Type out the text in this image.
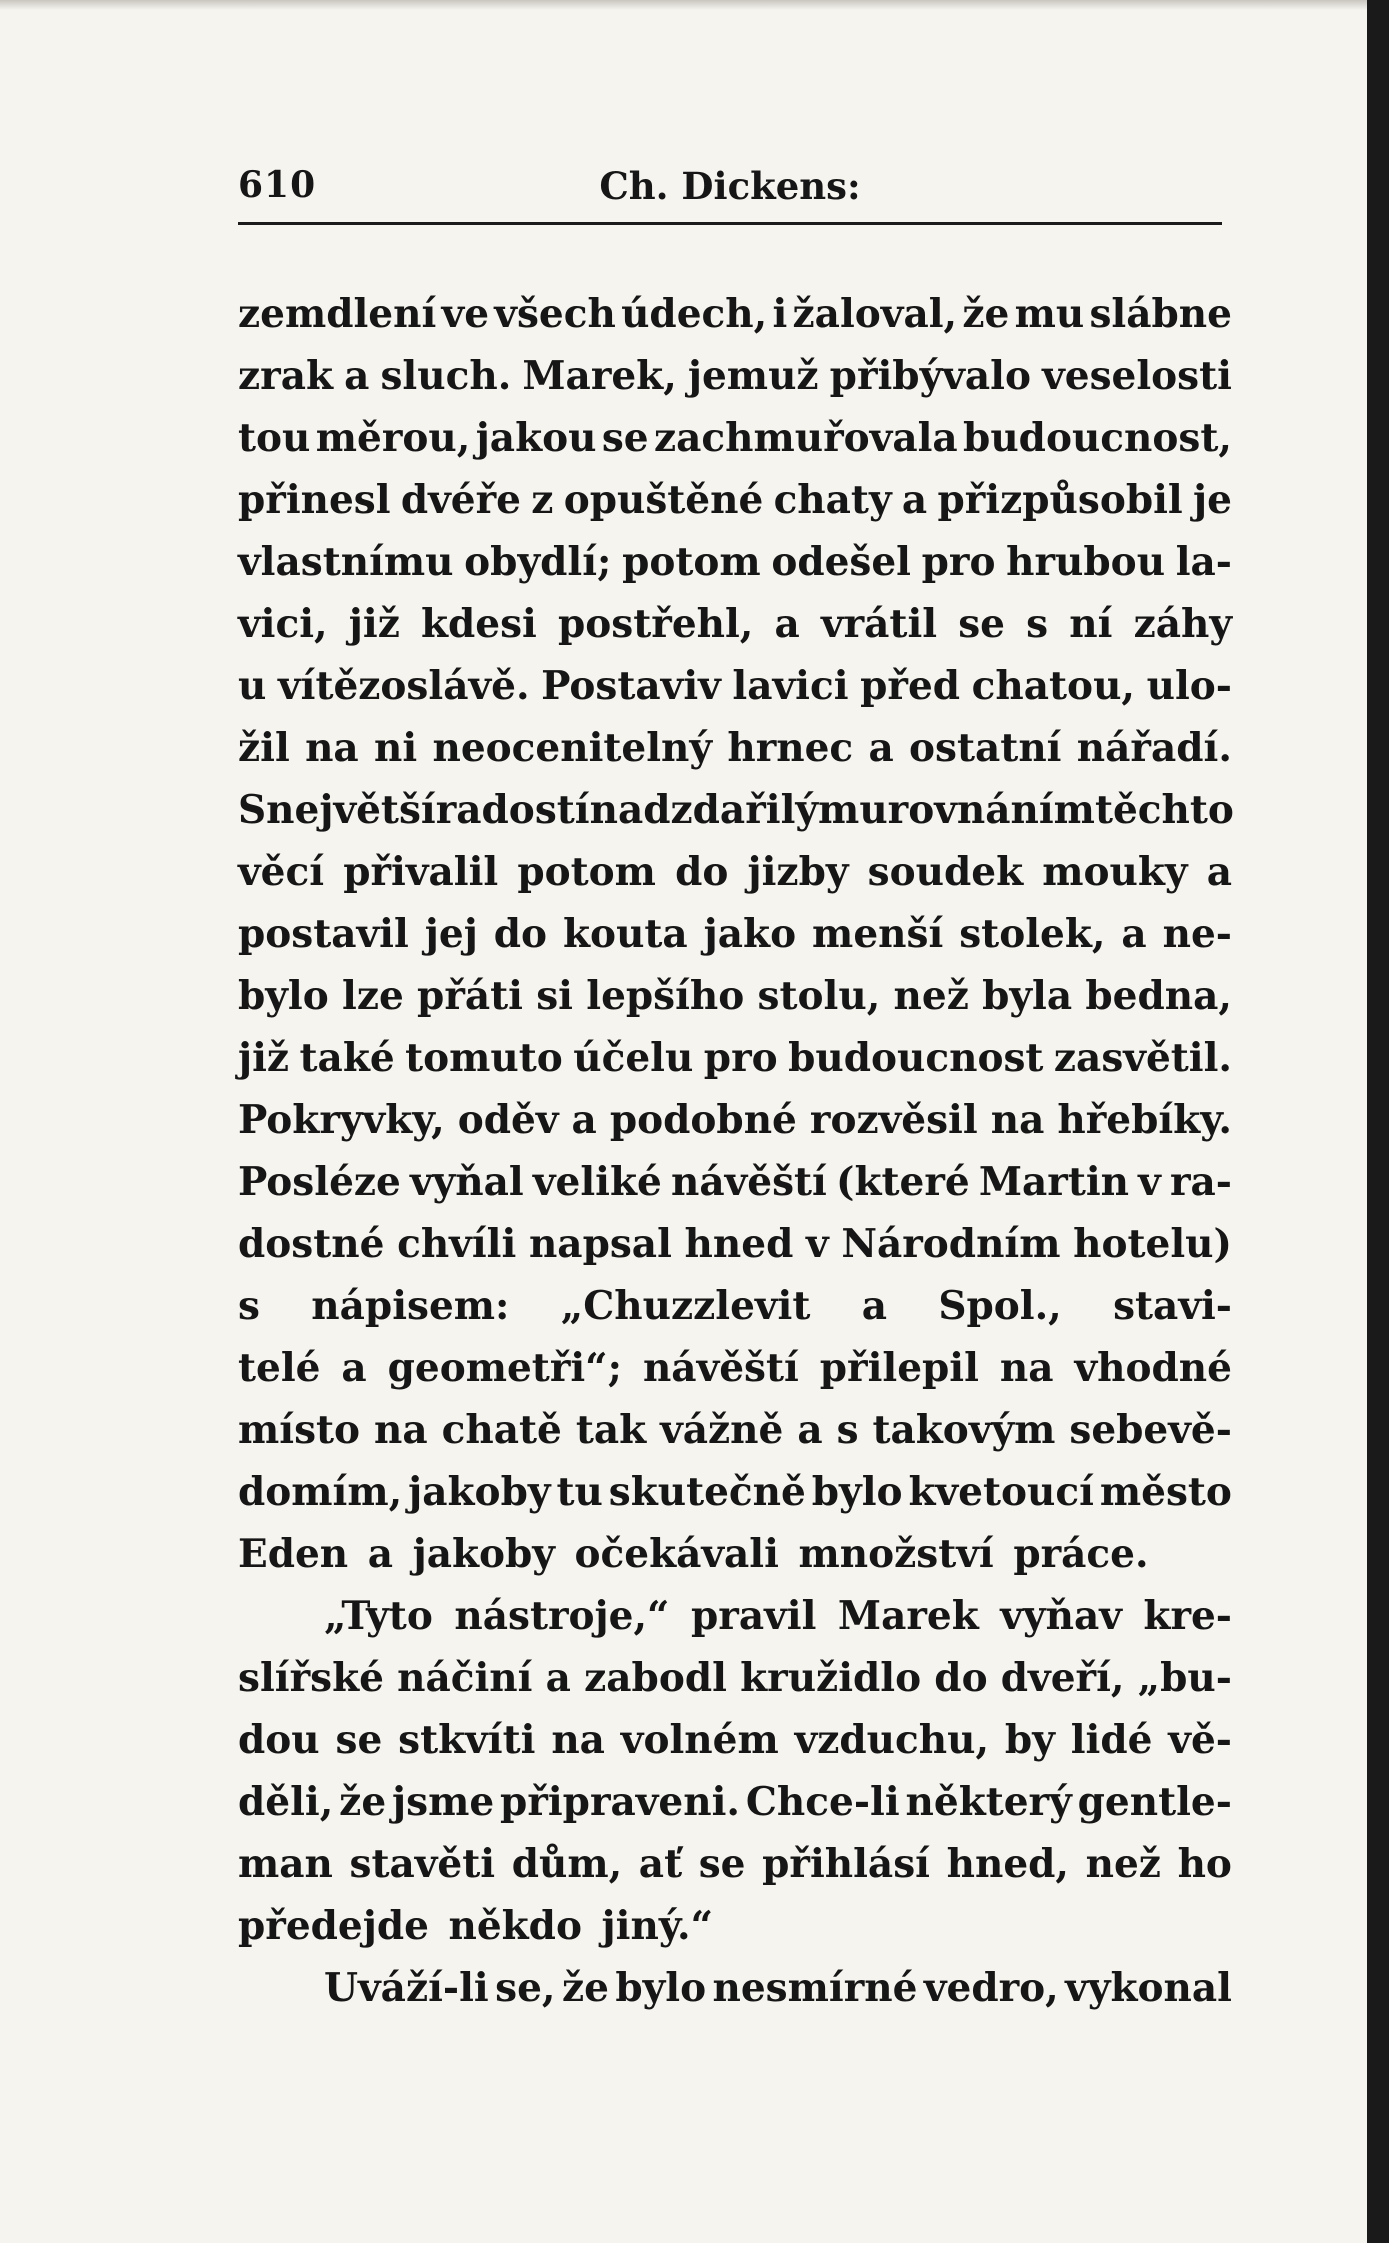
610	Ch. Dickens:
zemdlení ve všech údech, i žaloval, že mu slábne
zrak a sluch. Marek, jemuž přibývalo veselosti
tou měrou, jakou se zachmuřovala budoucnost,
přinesl dvéře z opuštěné chaty a přizpůsobil je
vlastnímu obydlí; potom odešel pro hrubou la-
vici, již kdesi postřehl, a vrátil se s ní záhy
u vítězoslávě. Postaviv lavici před chatou, ulo-
žil na ni neocenitelný hrnec a ostatní nářadí.
S největší radostí nad zdařilým urovnáním těchto
věcí přivalil potom do jizby soudek mouky a
postavil jej do kouta jako menší stolek, a ne-
bylo lze přáti si lepšího stolu, než byla bedna,
již také tomuto účelu pro budoucnost zasvětil.
Pokryvky, oděv a podobné rozvěsil na hřebíky.
Posléze vyňal veliké návěští (které Martin v ra-
dostné chvíli napsal hned v Národním hotelu)
s nápisem: „Chuzzlevit a Spol., stavi-
telé a geometři“; návěští přilepil na vhodné
místo na chatě tak vážně a s takovým sebevě-
domím, jakoby tu skutečně bylo kvetoucí město
Eden a jakoby očekávali množství práce.
„Tyto nástroje,“ pravil Marek vyňav kre-
slířské náčiní a zabodl kružidlo do dveří, „bu-
dou se stkvíti na volném vzduchu, by lidé vě-
děli, že jsme připraveni. Chce-li některý gentle-
man stavěti dům, ať se přihlásí hned, než ho
předejde někdo jiný.“
Uváží-li se, že bylo nesmírné vedro, vykonal
